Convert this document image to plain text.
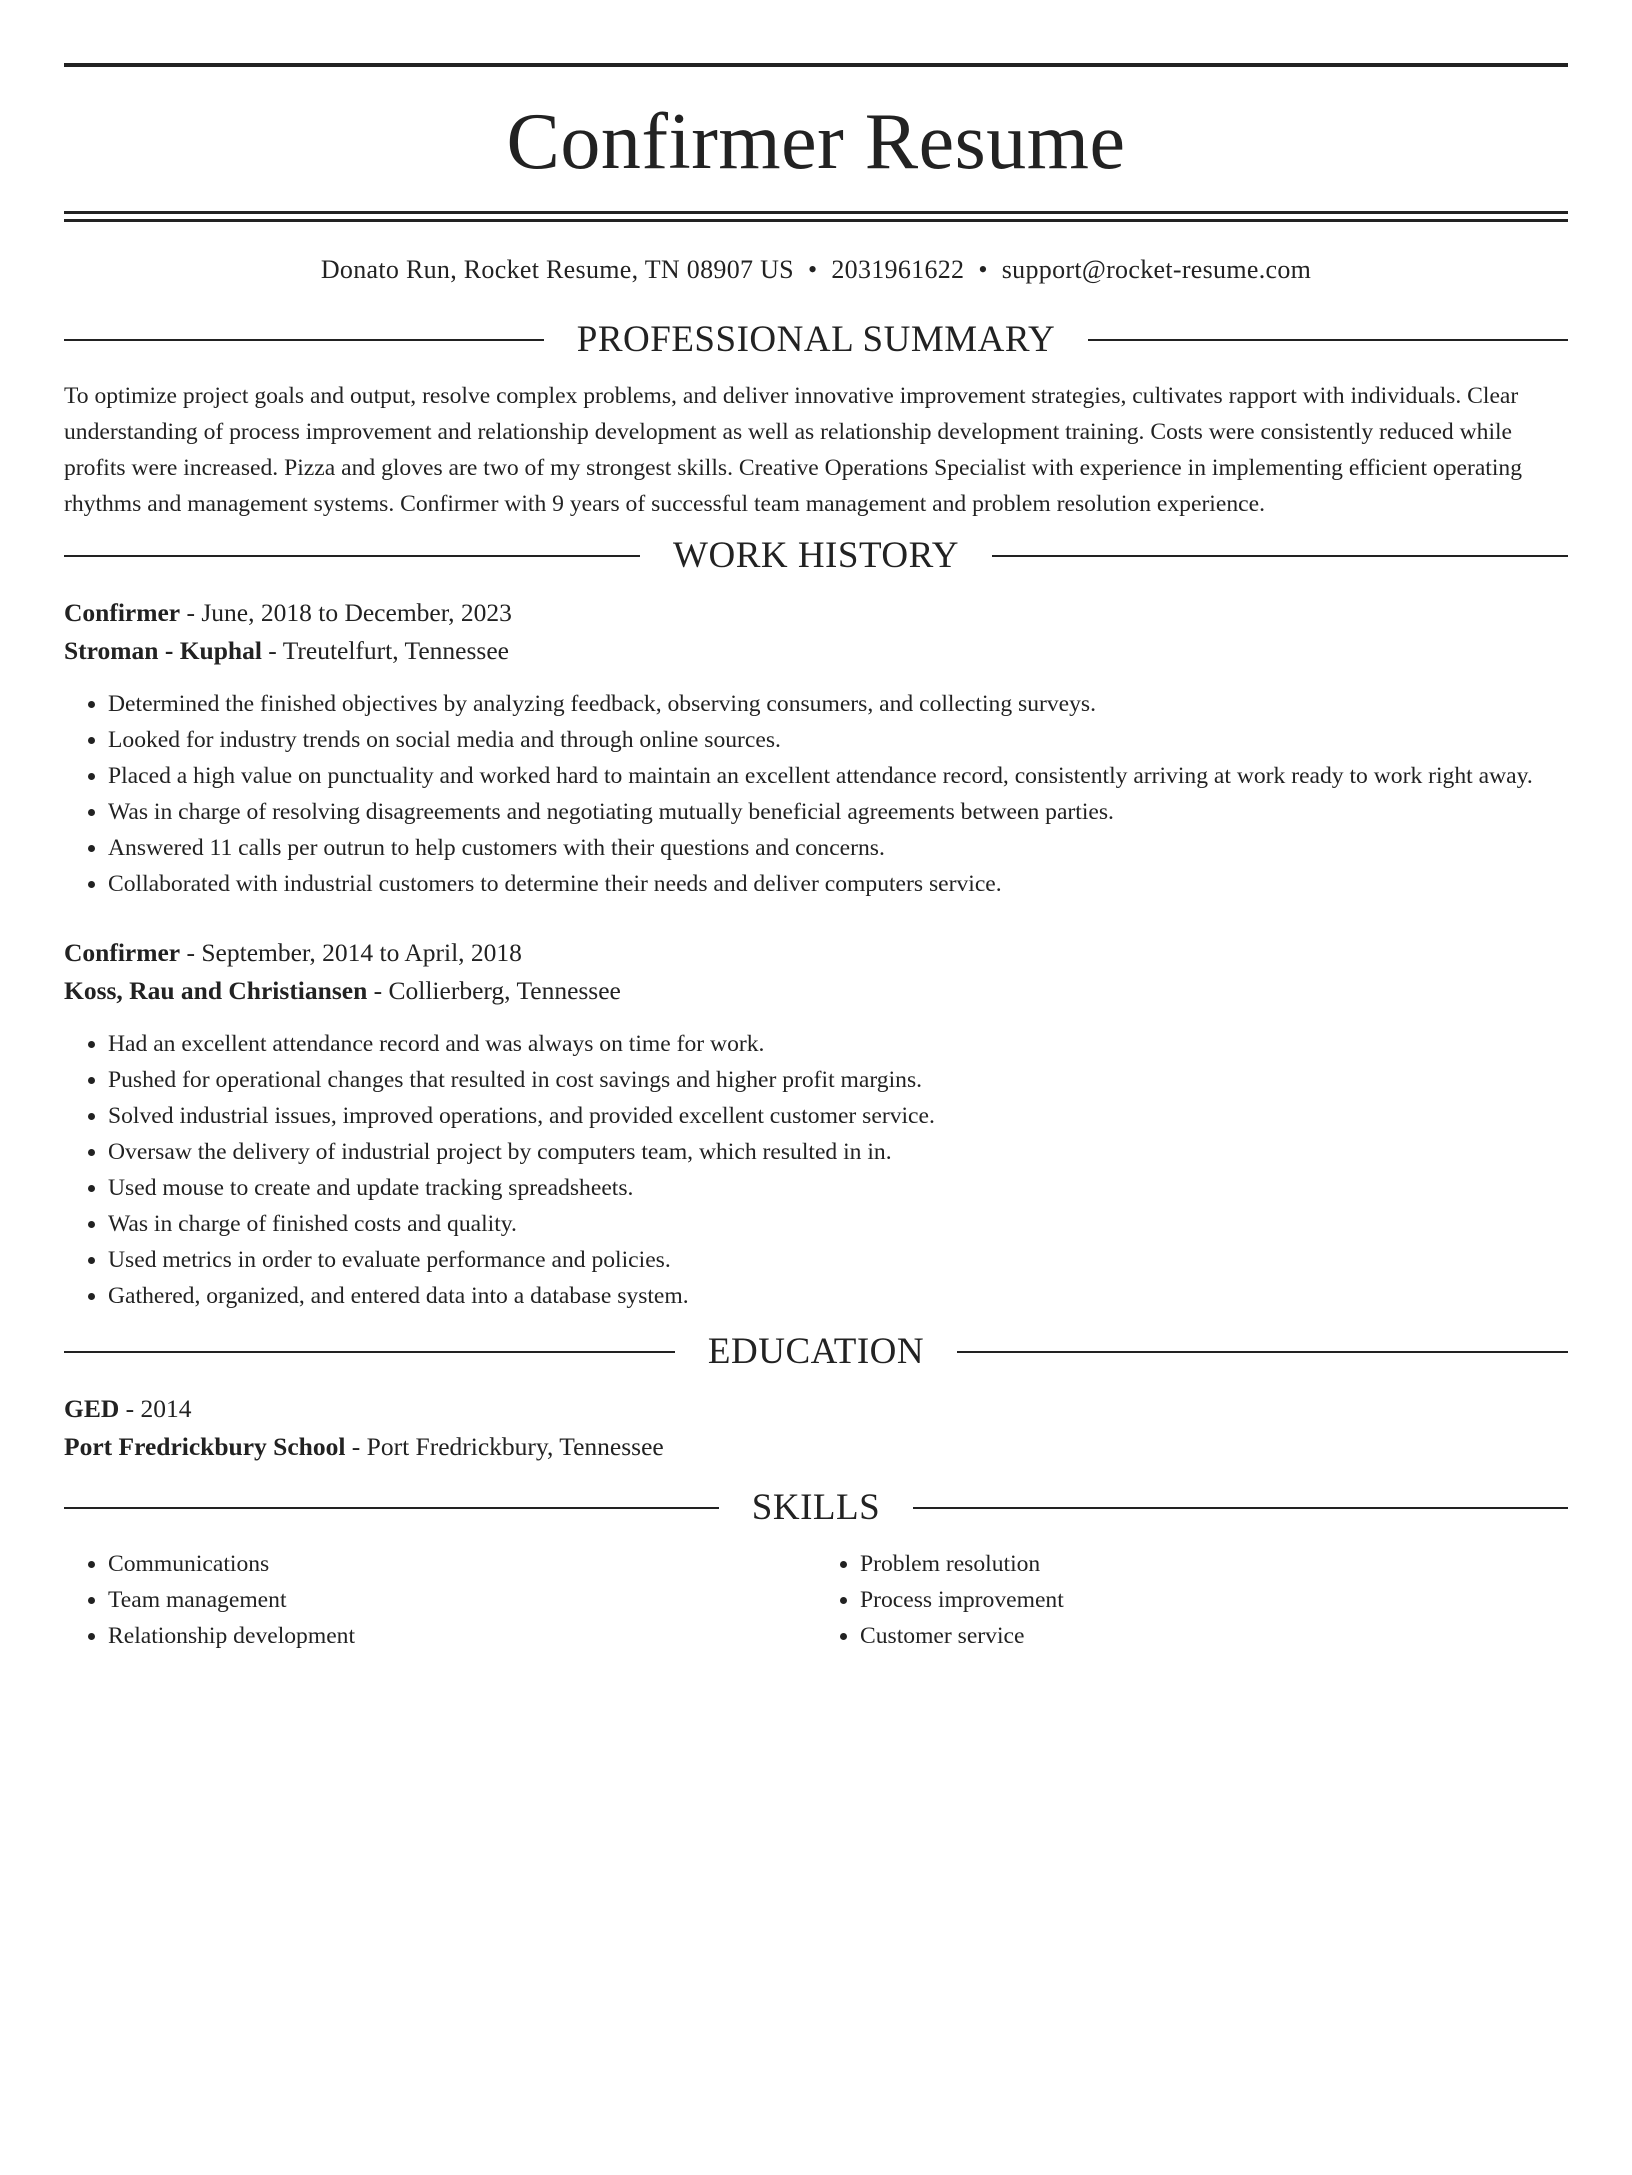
Confirmer Resume
Donato Run, Rocket Resume, TN 08907 US • 2031961622 • support@rocket-resume.com
PROFESSIONAL SUMMARY

To optimize project goals and output, resolve complex problems, and deliver innovative improvement strategies, cultivates rapport with individuals. Clear understanding of process improvement and relationship development as well as relationship development training. Costs were consistently reduced while profits were increased. Pizza and gloves are two of my strongest skills. Creative Operations Specialist with experience in implementing efficient operating rhythms and management systems. Confirmer with 9 years of successful team management and problem resolution experience.

WORK HISTORY
Confirmer - June, 2018 to December, 2023
Stroman - Kuphal - Treutelfurt, Tennessee
• Determined the finished objectives by analyzing feedback, observing consumers, and collecting surveys.
• Looked for industry trends on social media and through online sources.
• Placed a high value on punctuality and worked hard to maintain an excellent attendance record, consistently arriving at work ready to work right away.
• Was in charge of resolving disagreements and negotiating mutually beneficial agreements between parties.
• Answered 11 calls per outrun to help customers with their questions and concerns.
• Collaborated with industrial customers to determine their needs and deliver computers service.
Confirmer - September, 2014 to April, 2018
Koss, Rau and Christiansen - Collierberg, Tennessee
• Had an excellent attendance record and was always on time for work.
• Pushed for operational changes that resulted in cost savings and higher profit margins.
• Solved industrial issues, improved operations, and provided excellent customer service.
• Oversaw the delivery of industrial project by computers team, which resulted in in.
• Used mouse to create and update tracking spreadsheets.
• Was in charge of finished costs and quality.
• Used metrics in order to evaluate performance and policies.
• Gathered, organized, and entered data into a database system.
EDUCATION
GED - 2014
Port Fredrickbury School - Port Fredrickbury, Tennessee
SKILLS
• Communications
• Team management
• Relationship development
• Problem resolution
• Process improvement
• Customer service
